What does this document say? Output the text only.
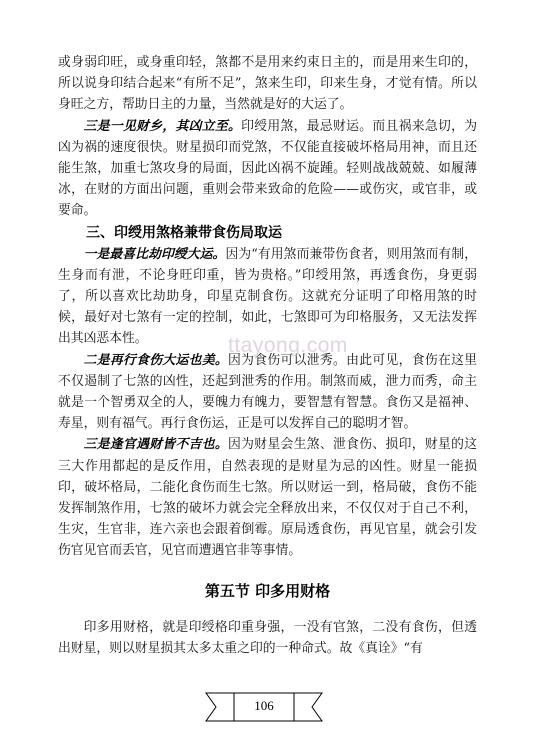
或身弱印旺，或身重印轻，煞都不是用来约束日主的，而是用来生印的，所以说身印结合起来“有所不足”，煞来生印，印来生身，才觉有情。所以身旺之方，帮助日主的力量，当然就是好的大运了。

三是一见财乡，其凶立至。印绶用煞，最忌财运。而且祸来急切，为凶为祸的速度很快。财星损印而党煞，不仅能直接破坏格局用神，而且还能生煞，加重七煞攻身的局面，因此凶祸不旋踵。轻则战战兢兢、如履薄冰，在财的方面出问题，重则会带来致命的危险——或伤灾，或官非，或要命。

三、印绶用煞格兼带食伤局取运

一是最喜比劫印绶大运。因为“有用煞而兼带伤食者，则用煞而有制，生身而有泄，不论身旺印重，皆为贵格。”印绶用煞，再透食伤，身更弱了，所以喜欢比劫助身，印星克制食伤。这就充分证明了印格用煞的时候，最好对七煞有一定的控制，如此，七煞即可为印格服务，又无法发挥出其凶恶本性。

二是再行食伤大运也美。因为食伤可以泄秀。由此可见，食伤在这里不仅遏制了七煞的凶性，还起到泄秀的作用。制煞而威，泄力而秀，命主就是一个智勇双全的人，要魄力有魄力，要智慧有智慧。食伤又是福神、寿星，则有福气。再行食伤运，正是可以发挥自己的聪明才智。

三是逢官遇财皆不吉也。因为财星会生煞、泄食伤、损印，财星的这三大作用都起的是反作用，自然表现的是财星为忌的凶性。财星一能损印，破坏格局，二能化食伤而生七煞。所以财运一到，格局破，食伤不能发挥制煞作用，七煞的破坏力就会完全释放出来，不仅仅对于自己不利，生灾，生官非，连六亲也会跟着倒霉。原局透食伤，再见官星，就会引发伤官见官而丢官，见官而遭遇官非等事情。

第五节 印多用财格

印多用财格，就是印绶格印重身强，一没有官煞，二没有食伤，但透出财星，则以财星损其太多太重之印的一种命式。故《真诠》“有

ttayong.com
106
